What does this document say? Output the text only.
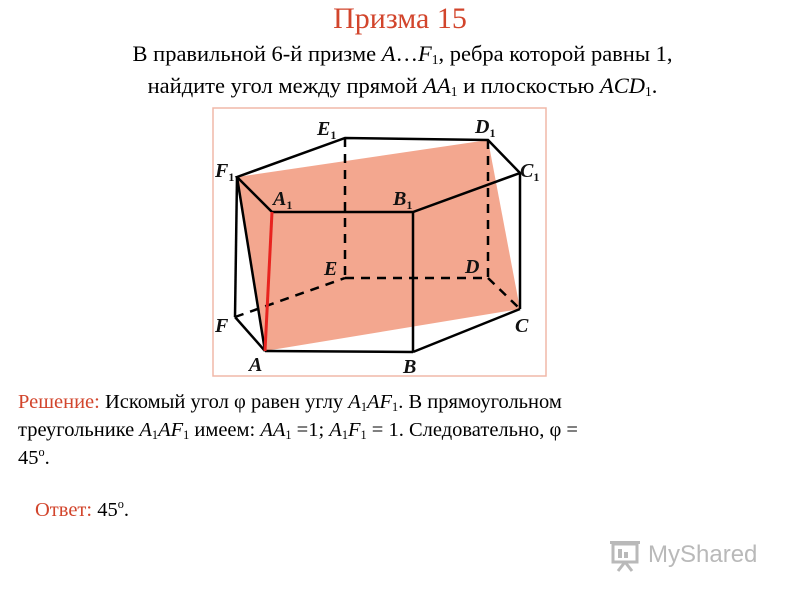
Призма 15
В правильной 6-й призме $A\dots F_1$, ребра которой равны 1,
найдите угол между прямой $AA_1$ и плоскостью $ACD_1$.
$E_1$	$D_1$
$C_1$
$F_1$
$A_1$	$B_1$
E	D
F	C
A	B
Решение: Искомый угол φ равен углу $A_1AF_1$. В прямоугольном
треугольнике $A_1AF_1$ имеем: $AA_1 =1$; $A_1F_1 = 1$. Следовательно, φ =
$45^o$.
Ответ: 45$^o$.
MyShared
